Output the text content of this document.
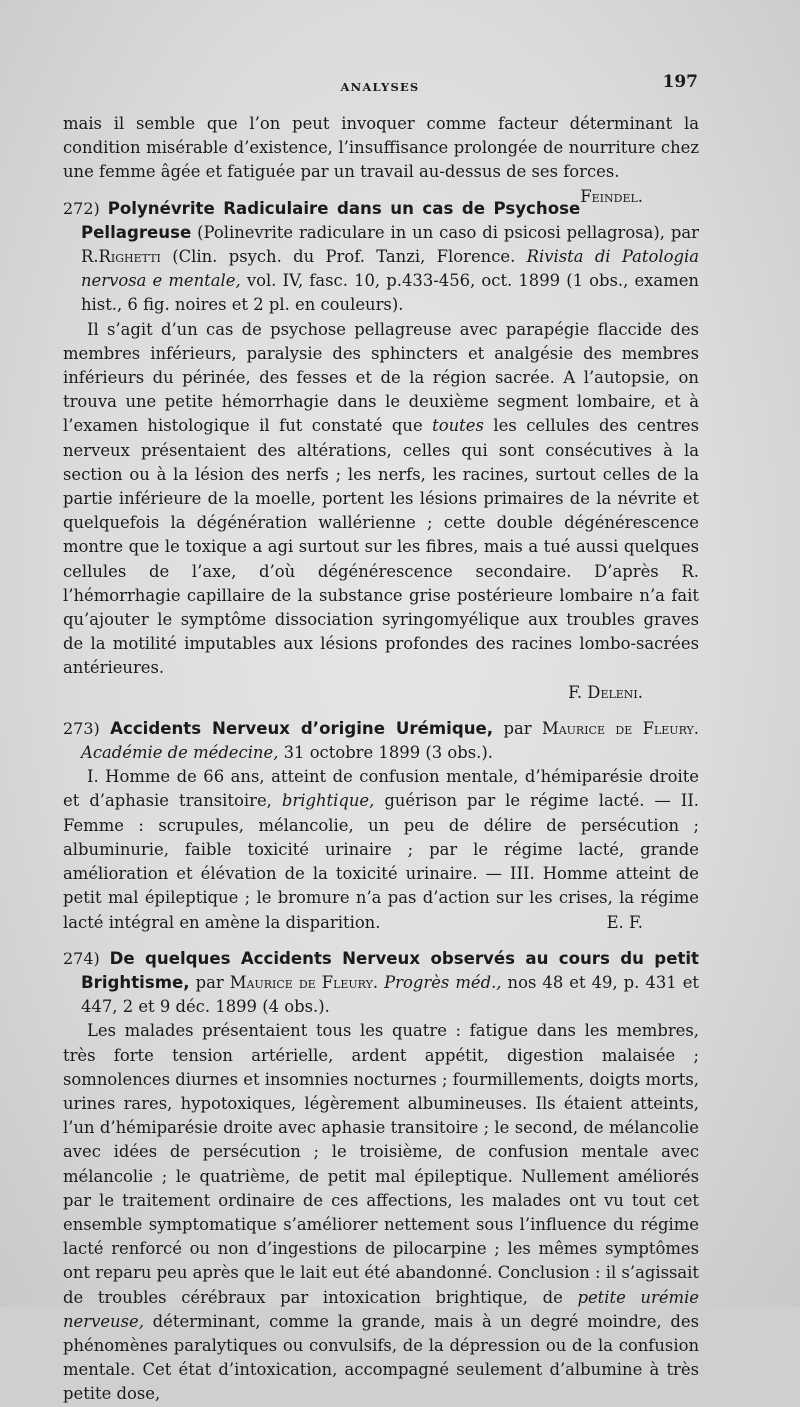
ANALYSES	197

mais il semble que l’on peut invoquer comme facteur déterminant la condition misérable d’existence, l’insuffisance prolongée de nourriture chez une femme âgée et fatiguée par un travail au-dessus de ses forces.
Feindel.

272) Polynévrite Radiculaire dans un cas de Psychose Pellagreuse (Polinevrite radiculare in un caso di psicosi pellagrosa), par R.Righetti (Clin. psych. du Prof. Tanzi, Florence. Rivista di Patologia nervosa e mentale, vol. IV, fasc. 10, p.433-456, oct. 1899 (1 obs., examen hist., 6 fig. noires et 2 pl. en couleurs).

Il s’agit d’un cas de psychose pellagreuse avec parapégie flaccide des membres inférieurs, paralysie des sphincters et analgésie des membres inférieurs du périnée, des fesses et de la région sacrée. A l’autopsie, on trouva une petite hémorrhagie dans le deuxième segment lombaire, et à l’examen histologique il fut constaté que toutes les cellules des centres nerveux présentaient des altérations, celles qui sont consécutives à la section ou à la lésion des nerfs ; les nerfs, les racines, surtout celles de la partie inférieure de la moelle, portent les lésions primaires de la névrite et quelquefois la dégénération wallérienne ; cette double dégénérescence montre que le toxique a agi surtout sur les fibres, mais a tué aussi quelques cellules de l’axe, d’où dégénérescence secondaire. D’après R. l’hémorrhagie capillaire de la substance grise postérieure lombaire n’a fait qu’ajouter le symptôme dissociation syringomyélique aux troubles graves de la motilité imputables aux lésions profondes des racines lombo-sacrées antérieures.

F. Deleni.

273) Accidents Nerveux d’origine Urémique, par Maurice de Fleury. Académie de médecine, 31 octobre 1899 (3 obs.).

I. Homme de 66 ans, atteint de confusion mentale, d’hémiparésie droite et d’aphasie transitoire, brightique, guérison par le régime lacté. — II. Femme : scrupules, mélancolie, un peu de délire de persécution ; albuminurie, faible toxicité urinaire ; par le régime lacté, grande amélioration et élévation de la toxicité urinaire. — III. Homme atteint de petit mal épileptique ; le bromure n’a pas d’action sur les crises, la régime lacté intégral en amène la disparition.	E. F.

274) De quelques Accidents Nerveux observés au cours du petit Brightisme, par Maurice de Fleury. Progrès méd., nos 48 et 49, p. 431 et 447, 2 et 9 déc. 1899 (4 obs.).

Les malades présentaient tous les quatre : fatigue dans les membres, très forte tension artérielle, ardent appétit, digestion malaisée ; somnolences diurnes et insomnies nocturnes ; fourmillements, doigts morts, urines rares, hypotoxiques, légèrement albumineuses. Ils étaient atteints, l’un d’hémiparésie droite avec aphasie transitoire ; le second, de mélancolie avec idées de persécution ; le troisième, de confusion mentale avec mélancolie ; le quatrième, de petit mal épileptique. Nullement améliorés par le traitement ordinaire de ces affections, les malades ont vu tout cet ensemble symptomatique s’améliorer nettement sous l’influence du régime lacté renforcé ou non d’ingestions de pilocarpine ; les mêmes symptômes ont reparu peu après que le lait eut été abandonné. Conclusion : il s’agissait de troubles cérébraux par intoxication brightique, de petite urémie nerveuse, déterminant, comme la grande, mais à un degré moindre, des phénomènes paralytiques ou convulsifs, de la dépression ou de la confusion mentale. Cet état d’intoxication, accompagné seulement d’albumine à très petite dose,
